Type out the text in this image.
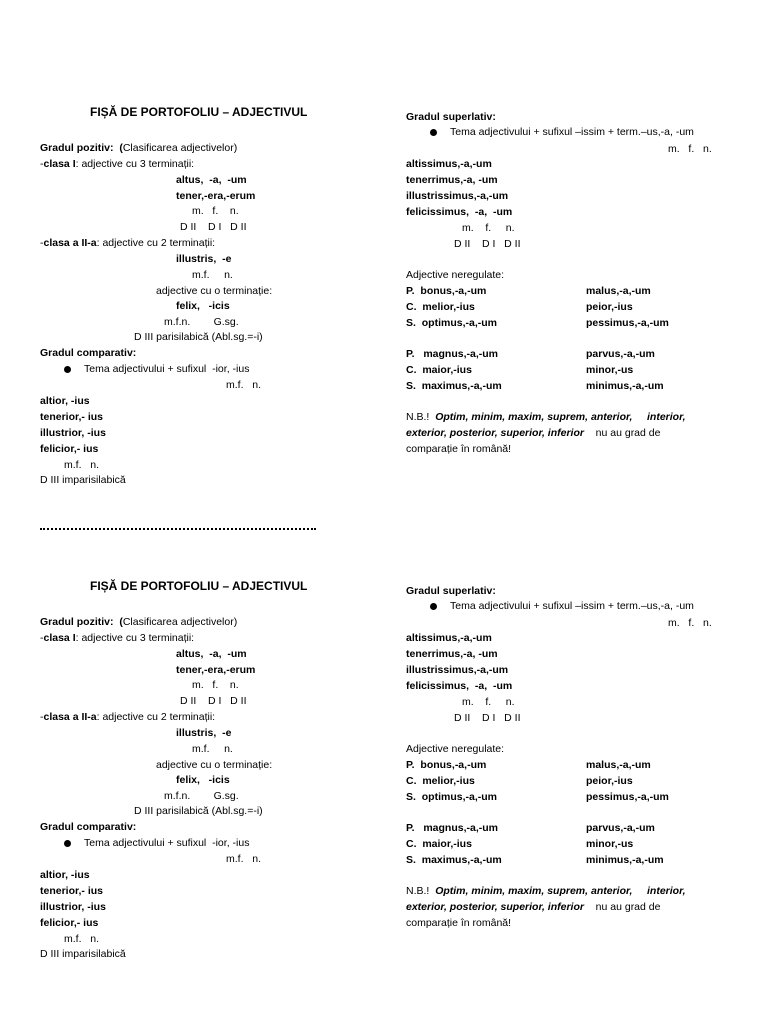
FIȘĂ DE PORTOFOLIU – ADJECTIVUL
Gradul pozitiv: (Clasificarea adjectivelor)
-clasa I: adjective cu 3 terminații:
altus,  -a,  -um
tener,-era,-erum
m.   f.    n.
D II    D I   D II
-clasa a II-a: adjective cu 2 terminații:
illustris,  -e
m.f.     n.
adjective cu o terminație:
felix,   -icis
m.f.n.        G.sg.
D III parisilabică (Abl.sg.=-i)
Gradul comparativ:
Tema adjectivului + sufixul  -ior, -ius
m.f.   n.
altior, -ius
tenerior,- ius
illustrior, -ius
felicior,- ius
m.f.   n.
D III imparisilabică
Gradul superlativ:
Tema adjectivului + sufixul –issim + term.–us,-a, -um
m.   f.   n.
altissimus,-a,-um
tenerrimus,-a, -um
illustrissimus,-a,-um
felicissimus,  -a,  -um
m.    f.     n.
D II    D I   D II
Adjective neregulate:
P.  bonus,-a,-um	malus,-a,-um
C.  melior,-ius	peior,-ius
S.  optimus,-a,-um	pessimus,-a,-um
P.   magnus,-a,-um	parvus,-a,-um
C.  maior,-ius	minor,-us
S.  maximus,-a,-um	minimus,-a,-um
N.B.! Optim, minim, maxim, suprem, anterior,     interior,
exterior, posterior, superior, inferior nu au grad de
comparație în română!
FIȘĂ DE PORTOFOLIU – ADJECTIVUL
Gradul pozitiv: (Clasificarea adjectivelor)
-clasa I: adjective cu 3 terminații:
altus,  -a,  -um
tener,-era,-erum
m.   f.    n.
D II    D I   D II
-clasa a II-a: adjective cu 2 terminații:
illustris,  -e
m.f.     n.
adjective cu o terminație:
felix,   -icis
m.f.n.        G.sg.
D III parisilabică (Abl.sg.=-i)
Gradul comparativ:
Tema adjectivului + sufixul  -ior, -ius
m.f.   n.
altior, -ius
tenerior,- ius
illustrior, -ius
felicior,- ius
m.f.   n.
D III imparisilabică
Gradul superlativ:
Tema adjectivului + sufixul –issim + term.–us,-a, -um
m.   f.   n.
altissimus,-a,-um
tenerrimus,-a, -um
illustrissimus,-a,-um
felicissimus,  -a,  -um
m.    f.     n.
D II    D I   D II
Adjective neregulate:
P.  bonus,-a,-um	malus,-a,-um
C.  melior,-ius	peior,-ius
S.  optimus,-a,-um	pessimus,-a,-um
P.   magnus,-a,-um	parvus,-a,-um
C.  maior,-ius	minor,-us
S.  maximus,-a,-um	minimus,-a,-um
N.B.! Optim, minim, maxim, suprem, anterior,     interior,
exterior, posterior, superior, inferior nu au grad de
comparație în română!
